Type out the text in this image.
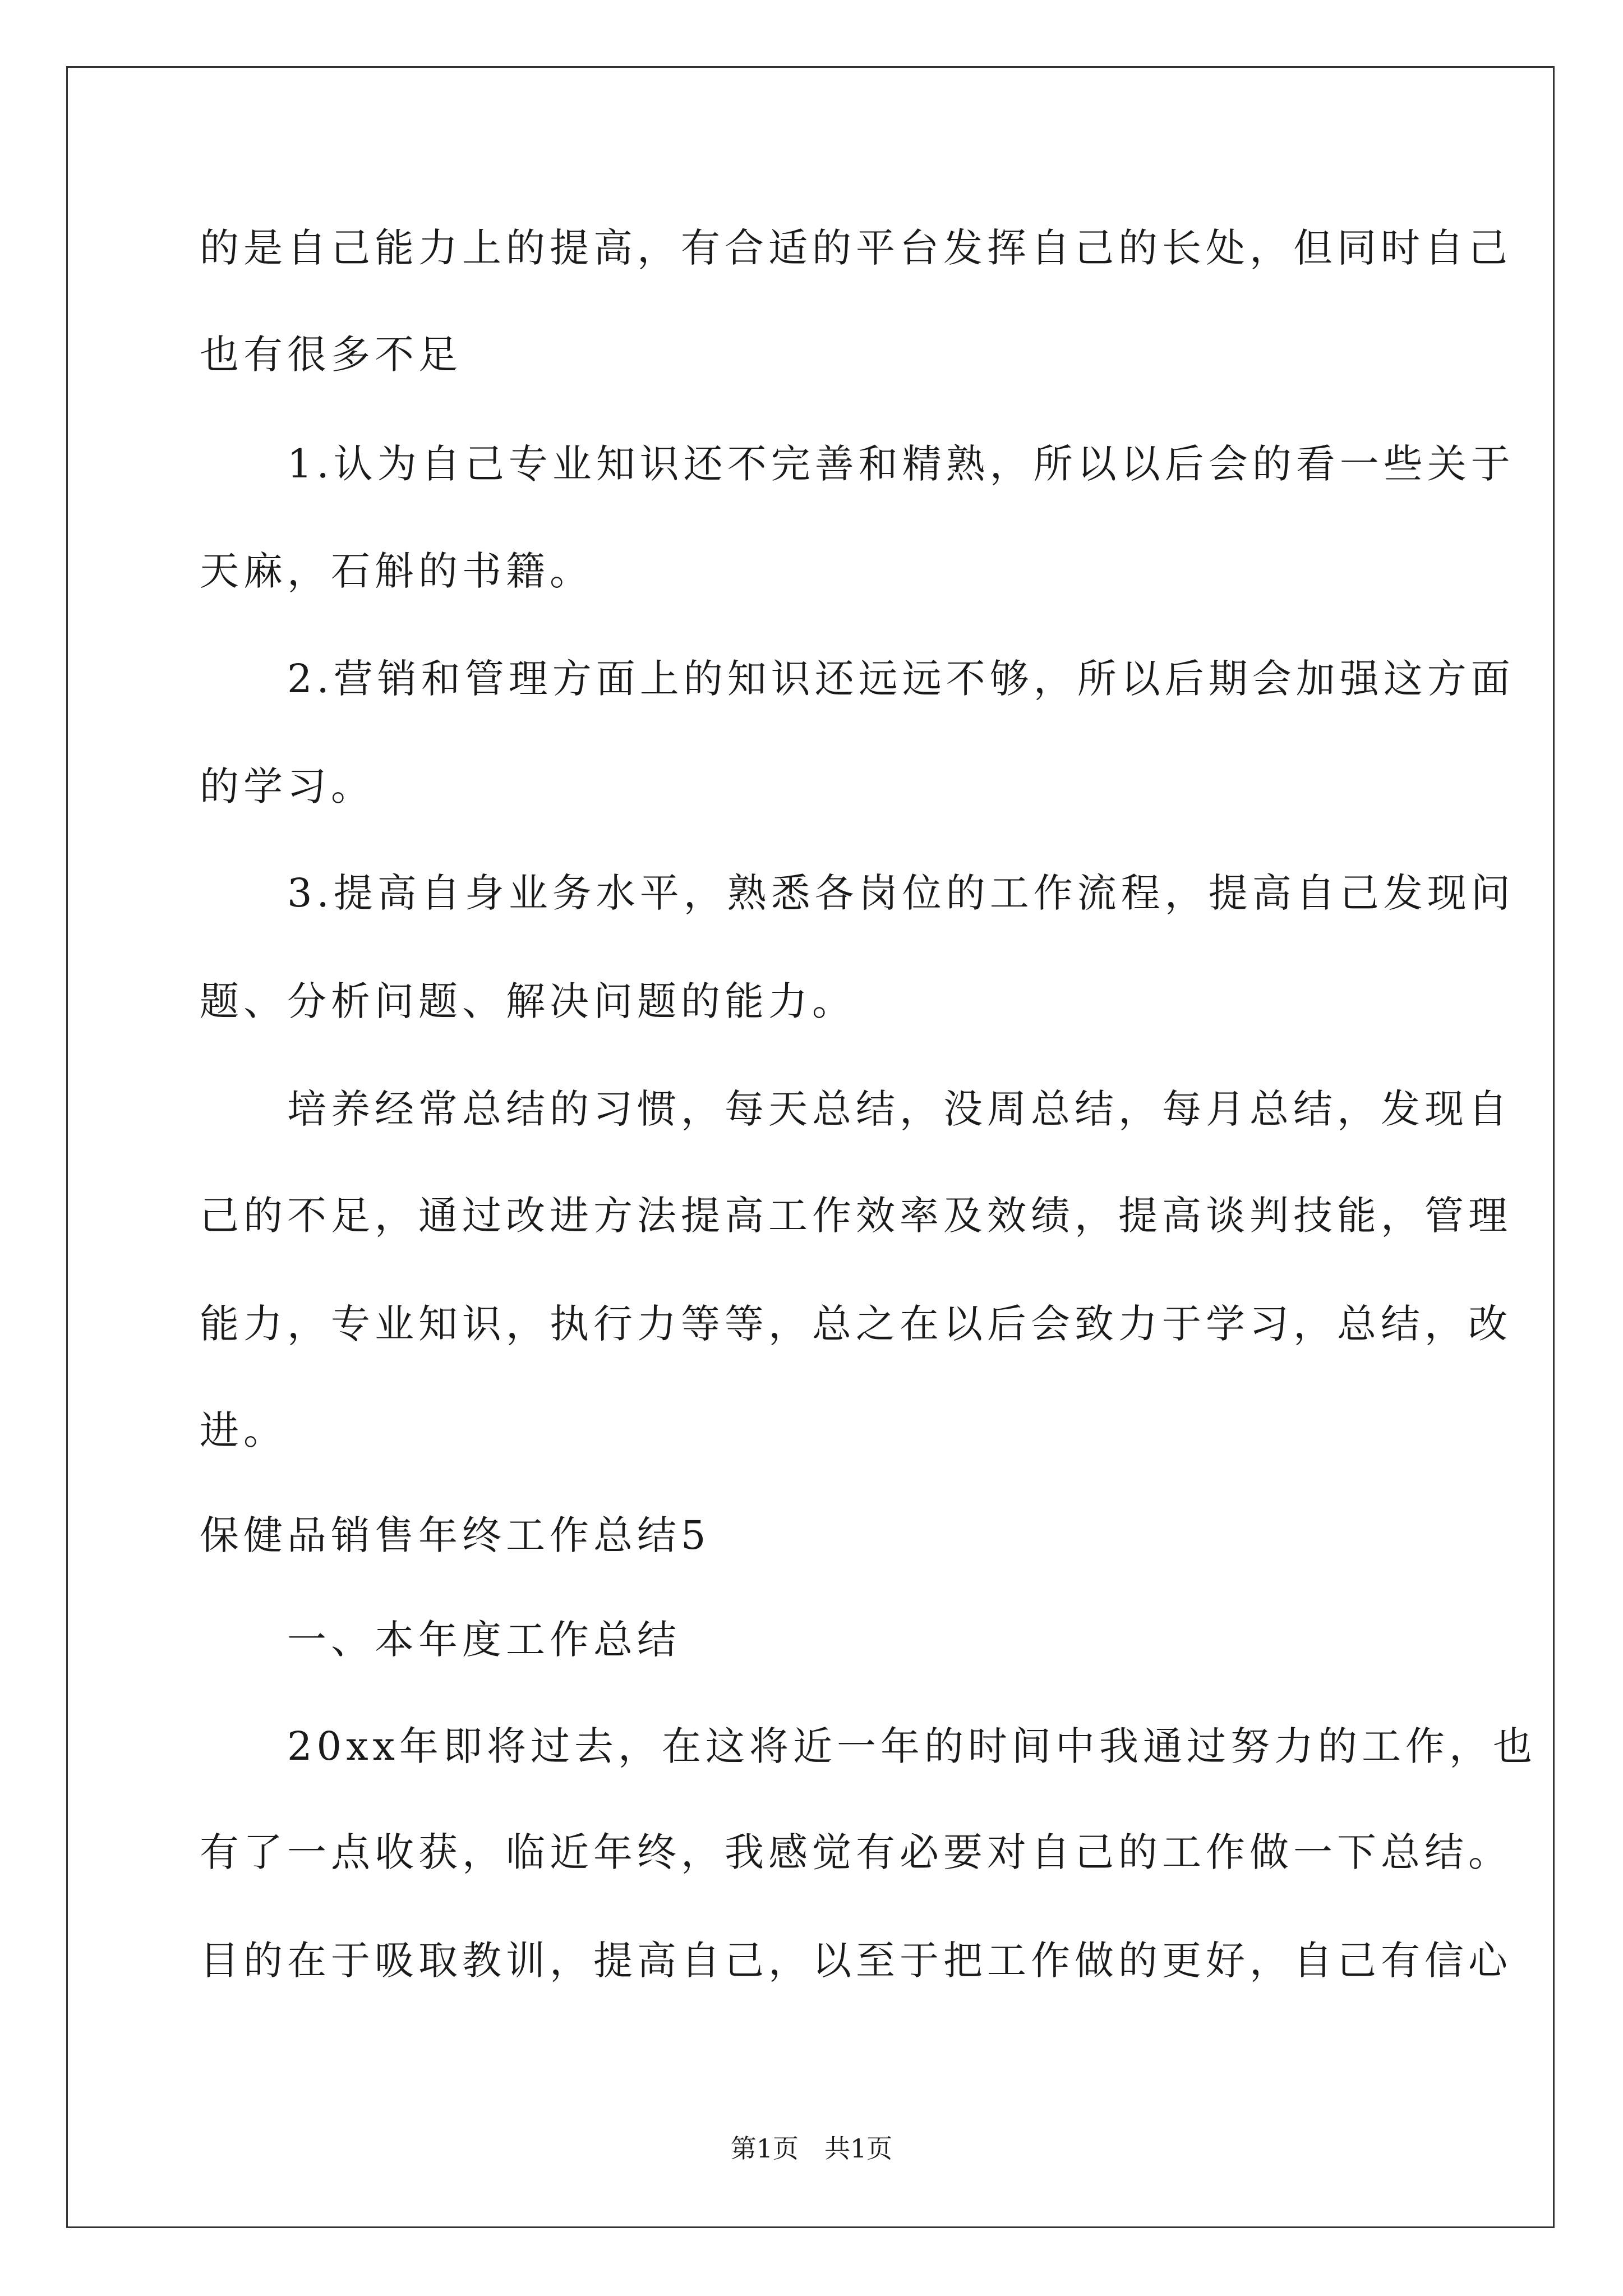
的是自己能力上的提高，有合适的平台发挥自己的长处，但同时自己
也有很多不足
　　1.认为自己专业知识还不完善和精熟，所以以后会的看一些关于
天麻，石斛的书籍。
　　2.营销和管理方面上的知识还远远不够，所以后期会加强这方面
的学习。
　　3.提高自身业务水平，熟悉各岗位的工作流程，提高自己发现问
题、分析问题、解决问题的能力。
　　培养经常总结的习惯，每天总结，没周总结，每月总结，发现自
己的不足，通过改进方法提高工作效率及效绩，提高谈判技能，管理
能力，专业知识，执行力等等，总之在以后会致力于学习，总结，改
进。
保健品销售年终工作总结5
　　一、本年度工作总结
　　20xx年即将过去，在这将近一年的时间中我通过努力的工作，也
有了一点收获，临近年终，我感觉有必要对自己的工作做一下总结。
目的在于吸取教训，提高自己，以至于把工作做的更好，自己有信心
第1页　共1页
